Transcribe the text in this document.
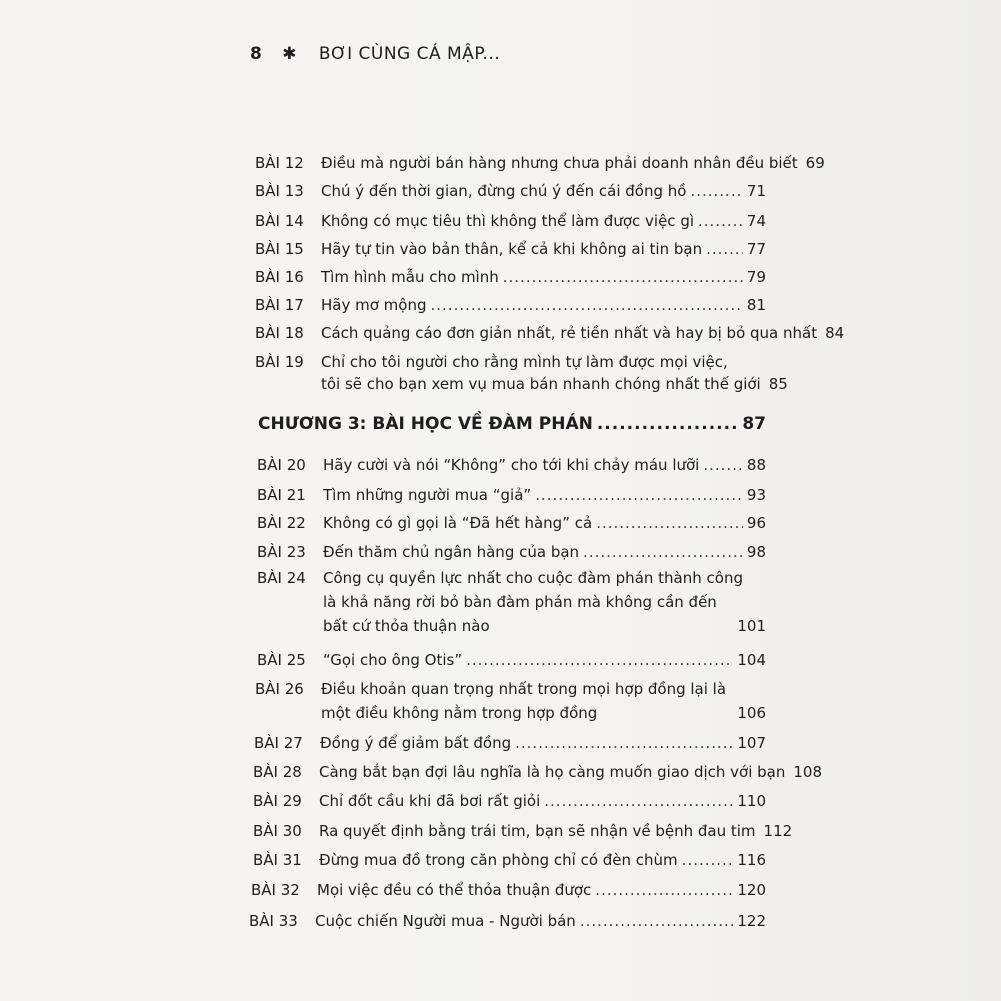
8 ✱ BƠI CÙNG CÁ MẬP...
BÀI 12	Điều mà người bán hàng nhưng chưa phải doanh nhân đều biết 69
BÀI 13	Chú ý đến thời gian, đừng chú ý đến cái đồng hồ .....	71
BÀI 14	Không có mục tiêu thì không thể làm được việc gì .....	74
BÀI 15	Hãy tự tin vào bản thân, kể cả khi không ai tin bạn .....	77
BÀI 16	Tìm hình mẫu cho mình .....	79
BÀI 17	Hãy mơ mộng .....	81
BÀI 18	Cách quảng cáo đơn giản nhất, rẻ tiền nhất và hay bị bỏ qua nhất 84
BÀI 19	Chỉ cho tôi người cho rằng mình tự làm được mọi việc,
tôi sẽ cho bạn xem vụ mua bán nhanh chóng nhất thế giới 85
CHƯƠNG 3: BÀI HỌC VỀ ĐÀM PHÁN .....	87
BÀI 20	Hãy cười và nói “Không” cho tới khi chảy máu lưỡi .....	88
BÀI 21	Tìm những người mua “giả” .....	93
BÀI 22	Không có gì gọi là “Đã hết hàng” cả .....	96
BÀI 23	Đến thăm chủ ngân hàng của bạn .....	98
BÀI 24	Công cụ quyền lực nhất cho cuộc đàm phán thành công
là khả năng rời bỏ bàn đàm phán mà không cần đến
bất cứ thỏa thuận nào	101
BÀI 25	“Gọi cho ông Otis” .....	104
BÀI 26	Điều khoản quan trọng nhất trong mọi hợp đồng lại là
một điều không nằm trong hợp đồng	106
BÀI 27	Đồng ý để giảm bất đồng .....	107
BÀI 28	Càng bắt bạn đợi lâu nghĩa là họ càng muốn giao dịch với bạn 108
BÀI 29	Chỉ đốt cầu khi đã bơi rất giỏi .....	110
BÀI 30	Ra quyết định bằng trái tim, bạn sẽ nhận về bệnh đau tim 112
BÀI 31	Đừng mua đồ trong căn phòng chỉ có đèn chùm .....	116
BÀI 32	Mọi việc đều có thể thỏa thuận được .....	120
BÀI 33	Cuộc chiến Người mua - Người bán .....	122
